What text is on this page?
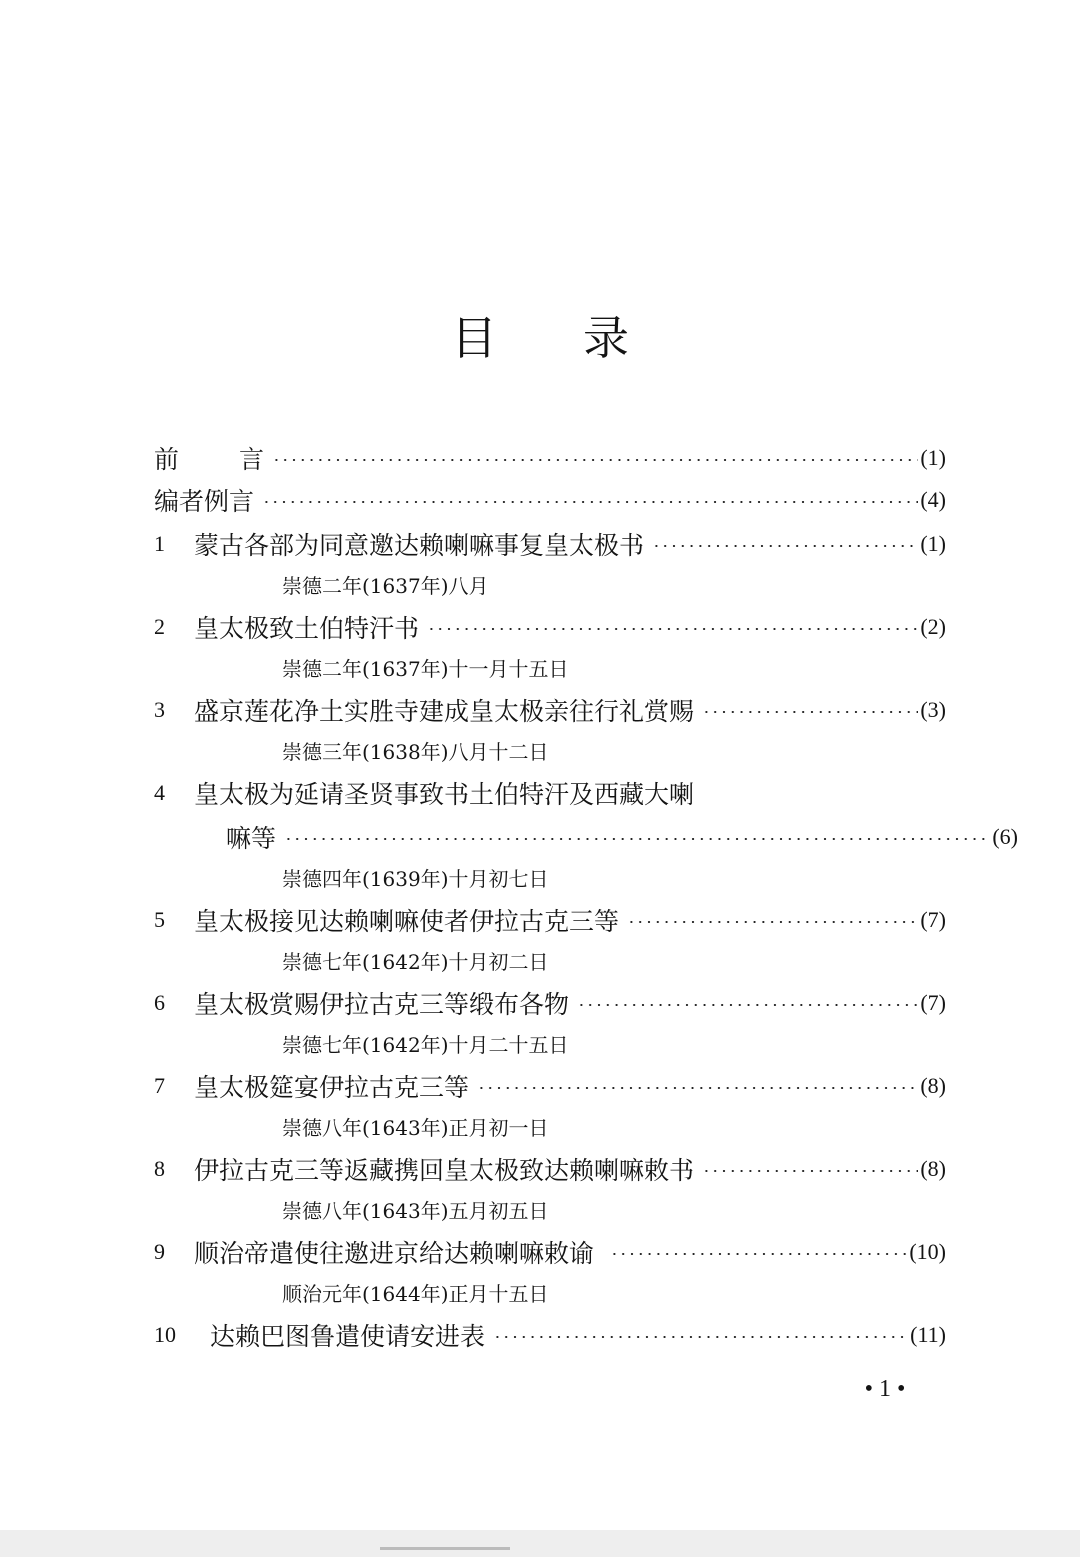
目录
前言	(1)
编者例言	(4)
1	蒙古各部为同意邀达赖喇嘛事复皇太极书	(1)
崇德二年(1637年)八月
2	皇太极致土伯特汗书	(2)
崇德二年(1637年)十一月十五日
3	盛京莲花净土实胜寺建成皇太极亲往行礼赏赐	(3)
崇德三年(1638年)八月十二日
4	皇太极为延请圣贤事致书土伯特汗及西藏大喇
嘛等	(6)
崇德四年(1639年)十月初七日
5	皇太极接见达赖喇嘛使者伊拉古克三等	(7)
崇德七年(1642年)十月初二日
6	皇太极赏赐伊拉古克三等缎布各物	(7)
崇德七年(1642年)十月二十五日
7	皇太极筵宴伊拉古克三等	(8)
崇德八年(1643年)正月初一日
8	伊拉古克三等返藏携回皇太极致达赖喇嘛敕书	(8)
崇德八年(1643年)五月初五日
9	顺治帝遣使往邀进京给达赖喇嘛敕谕	(10)
顺治元年(1644年)正月十五日
10	达赖巴图鲁遣使请安进表	(11)
• 1 •
